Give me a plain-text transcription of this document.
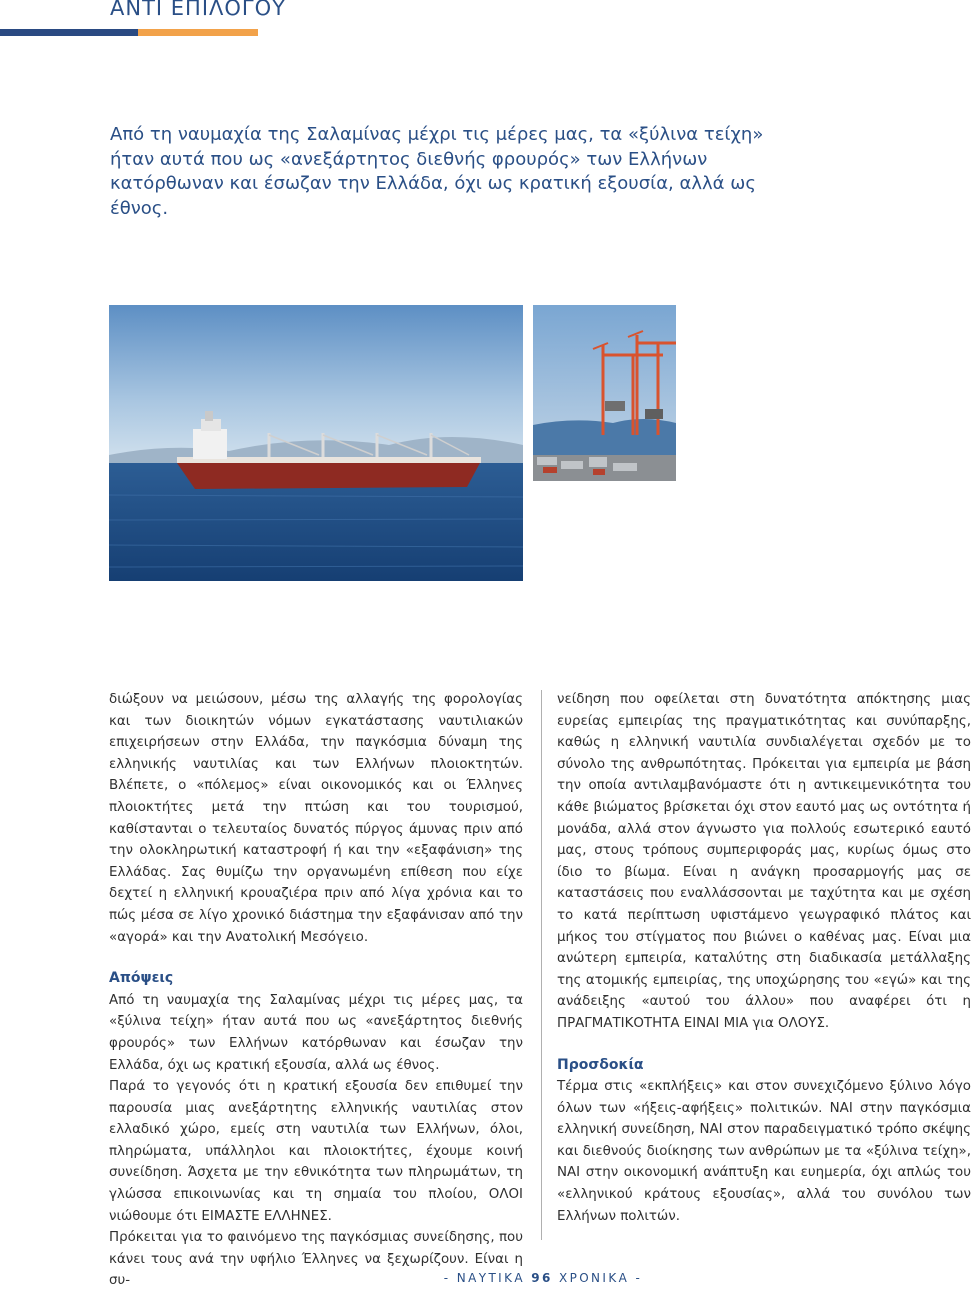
ΑΝΤΙ ΕΠΙΛΟΓΟΥ

Από τη ναυμαχία της Σαλαμίνας μέχρι τις μέρες μας, τα «ξύλινα τείχη» ήταν αυτά που ως «ανεξάρτητος διεθνής φρουρός» των Ελλήνων κατόρθωναν και έσωζαν την Ελλάδα, όχι ως κρατική εξουσία, αλλά ως έθνος.

διώξουν να μειώσουν, μέσω της αλλαγής της φορολογίας και των διοικητών νόμων εγκατάστασης ναυτιλιακών επιχειρήσεων στην Ελλάδα, την παγκόσμια δύναμη της ελληνικής ναυτιλίας και των Ελλήνων πλοιοκτητών. Βλέπετε, ο «πόλεμος» είναι οικονομικός και οι Έλληνες πλοιοκτήτες μετά την πτώση και του τουρισμού, καθίστανται ο τελευταίος δυνατός πύργος άμυνας πριν από την ολοκληρωτική καταστροφή ή και την «εξαφάνιση» της Ελλάδας. Σας θυμίζω την οργανωμένη επίθεση που είχε δεχτεί η ελληνική κρουαζιέρα πριν από λίγα χρόνια και το πώς μέσα σε λίγο χρονικό διάστημα την εξαφάνισαν από την «αγορά» και την Ανατολική Μεσόγειο.

Απόψεις

Από τη ναυμαχία της Σαλαμίνας μέχρι τις μέρες μας, τα «ξύλινα τείχη» ήταν αυτά που ως «ανεξάρτητος διεθνής φρουρός» των Ελλήνων κατόρθωναν και έσωζαν την Ελλάδα, όχι ως κρατική εξουσία, αλλά ως έθνος.

Παρά το γεγονός ότι η κρατική εξουσία δεν επιθυμεί την παρουσία μιας ανεξάρτητης ελληνικής ναυτιλίας στον ελλαδικό χώρο, εμείς στη ναυτιλία των Ελλήνων, όλοι, πληρώματα, υπάλληλοι και πλοιοκτήτες, έχουμε κοινή συνείδηση. Άσχετα με την εθνικότητα των πληρωμάτων, τη γλώσσα επικοινωνίας και τη σημαία του πλοίου, ΟΛΟΙ νιώθουμε ότι ΕΙΜΑΣΤΕ ΕΛΛΗΝΕΣ.

Πρόκειται για το φαινόμενο της παγκόσμιας συνείδησης, που κάνει τους ανά την υφήλιο Έλληνες να ξεχωρίζουν. Είναι η συ-

νείδηση που οφείλεται στη δυνατότητα απόκτησης μιας ευρείας εμπειρίας της πραγματικότητας και συνύπαρξης, καθώς η ελληνική ναυτιλία συνδιαλέγεται σχεδόν με το σύνολο της ανθρωπότητας. Πρόκειται για εμπειρία με βάση την οποία αντιλαμβανόμαστε ότι η αντικειμενικότητα του κάθε βιώματος βρίσκεται όχι στον εαυτό μας ως οντότητα ή μονάδα, αλλά στον άγνωστο για πολλούς εσωτερικό εαυτό μας, στους τρόπους συμπεριφοράς μας, κυρίως όμως στο ίδιο το βίωμα. Είναι η ανάγκη προσαρμογής μας σε καταστάσεις που εναλλάσσονται με ταχύτητα και με σχέση το κατά περίπτωση υφιστάμενο γεωγραφικό πλάτος και μήκος του στίγματος που βιώνει ο καθένας μας. Είναι μια ανώτερη εμπειρία, καταλύτης στη διαδικασία μετάλλαξης της ατομικής εμπειρίας, της υποχώρησης του «εγώ» και της ανάδειξης «αυτού του άλλου» που αναφέρει ότι η ΠΡΑΓΜΑΤΙΚΟΤΗΤΑ ΕΙΝΑΙ ΜΙΑ για ΟΛΟΥΣ.

Προσδοκία

Τέρμα στις «εκπλήξεις» και στον συνεχιζόμενο ξύλινο λόγο όλων των «ήξεις-αφήξεις» πολιτικών. ΝΑΙ στην παγκόσμια ελληνική συνείδηση, ΝΑΙ στον παραδειγματικό τρόπο σκέψης και διεθνούς διοίκησης των ανθρώπων με τα «ξύλινα τείχη», ΝΑΙ στην οικονομική ανάπτυξη και ευημερία, όχι απλώς του «ελληνικού κράτους εξουσίας», αλλά του συνόλου των Ελλήνων πολιτών.

- ΝΑΥΤΙΚΑ 96 ΧΡΟΝΙΚΑ -
